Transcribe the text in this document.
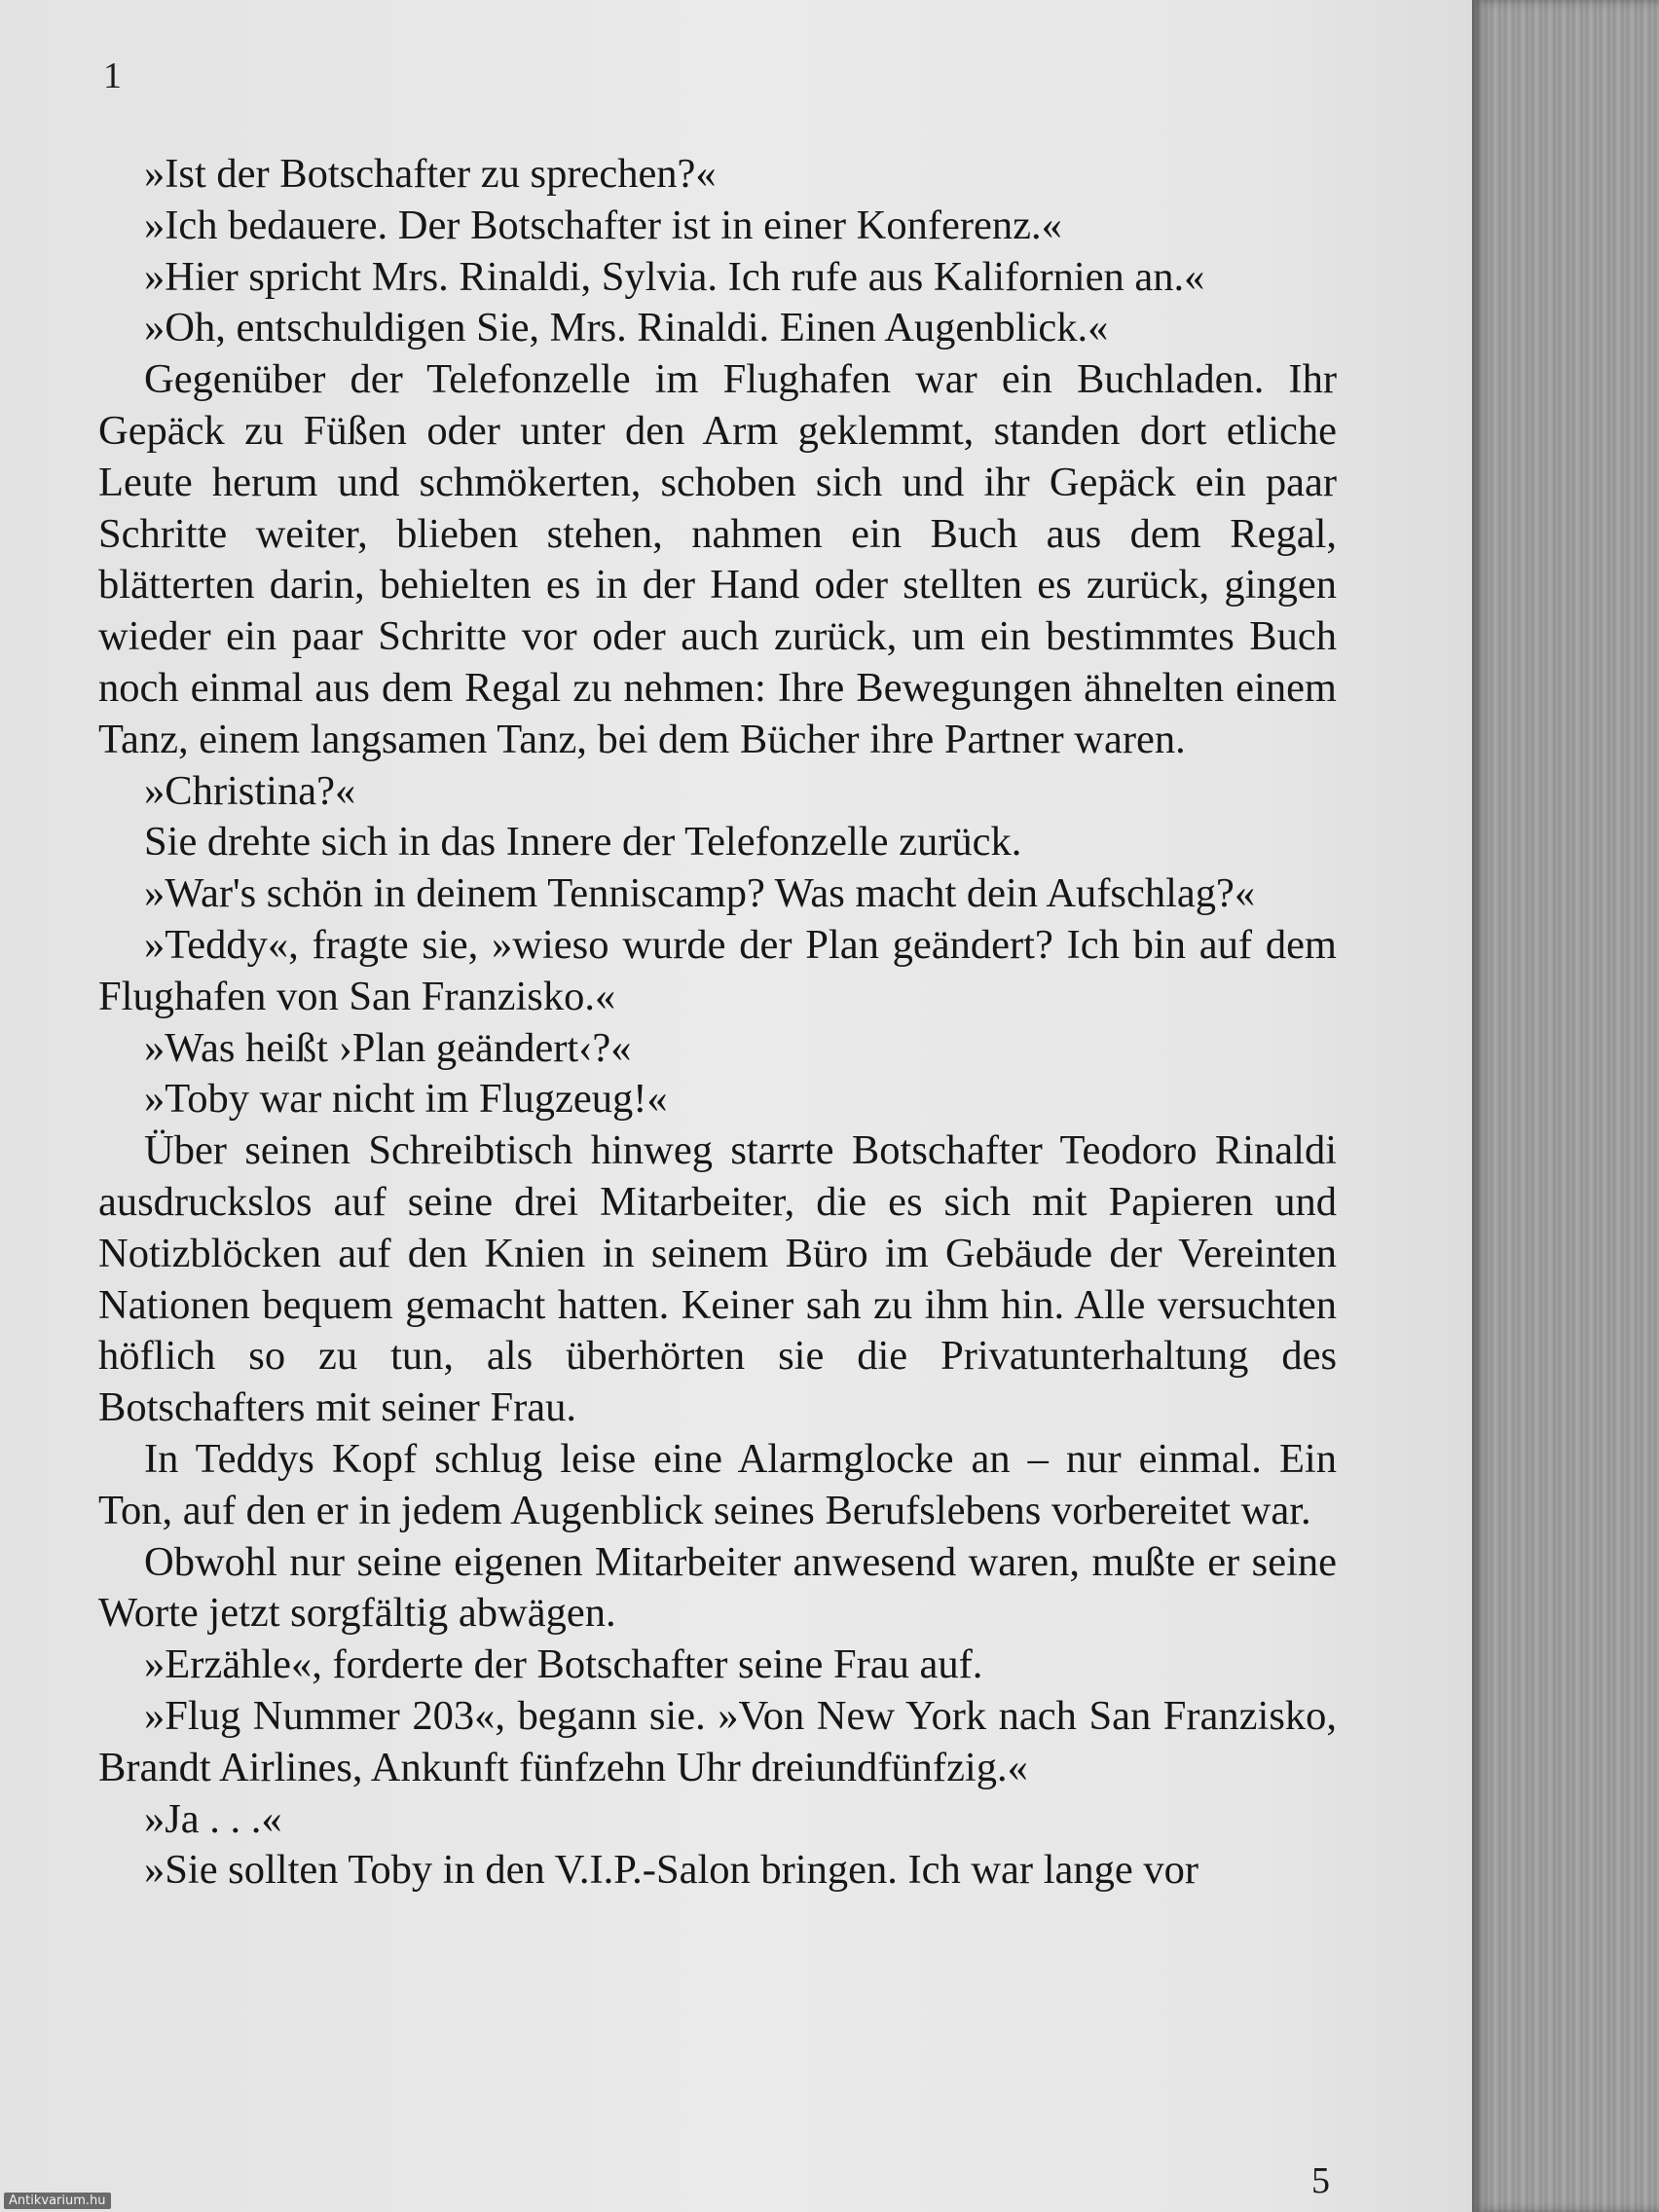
1

»Ist der Botschafter zu sprechen?«

»Ich bedauere. Der Botschafter ist in einer Konferenz.«

»Hier spricht Mrs. Rinaldi, Sylvia. Ich rufe aus Kalifornien an.«

»Oh, entschuldigen Sie, Mrs. Rinaldi. Einen Augenblick.«

Gegenüber der Telefonzelle im Flughafen war ein Buchladen. Ihr Gepäck zu Füßen oder unter den Arm geklemmt, standen dort etliche Leute herum und schmökerten, schoben sich und ihr Gepäck ein paar Schritte weiter, blieben stehen, nahmen ein Buch aus dem Regal, blätterten darin, behielten es in der Hand oder stellten es zurück, gingen wieder ein paar Schritte vor oder auch zurück, um ein bestimmtes Buch noch einmal aus dem Regal zu nehmen: Ihre Bewegungen ähnelten einem Tanz, einem langsamen Tanz, bei dem Bücher ihre Partner waren.

»Christina?«

Sie drehte sich in das Innere der Telefonzelle zurück.

»War's schön in deinem Tenniscamp? Was macht dein Aufschlag?«

»Teddy«, fragte sie, »wieso wurde der Plan geändert? Ich bin auf dem Flughafen von San Franzisko.«

»Was heißt ›Plan geändert‹?«

»Toby war nicht im Flugzeug!«

Über seinen Schreibtisch hinweg starrte Botschafter Teodoro Rinaldi ausdruckslos auf seine drei Mitarbeiter, die es sich mit Papieren und Notizblöcken auf den Knien in seinem Büro im Gebäude der Vereinten Nationen bequem gemacht hatten. Keiner sah zu ihm hin. Alle versuchten höflich so zu tun, als überhörten sie die Privatunterhaltung des Botschafters mit seiner Frau.

In Teddys Kopf schlug leise eine Alarmglocke an – nur einmal. Ein Ton, auf den er in jedem Augenblick seines Berufslebens vorbereitet war.

Obwohl nur seine eigenen Mitarbeiter anwesend waren, mußte er seine Worte jetzt sorgfältig abwägen.

»Erzähle«, forderte der Botschafter seine Frau auf.

»Flug Nummer 203«, begann sie. »Von New York nach San Franzisko, Brandt Airlines, Ankunft fünfzehn Uhr dreiundfünfzig.«

»Ja . . .«

»Sie sollten Toby in den V.I.P.-Salon bringen. Ich war lange vor

5
Antikvarium.hu
